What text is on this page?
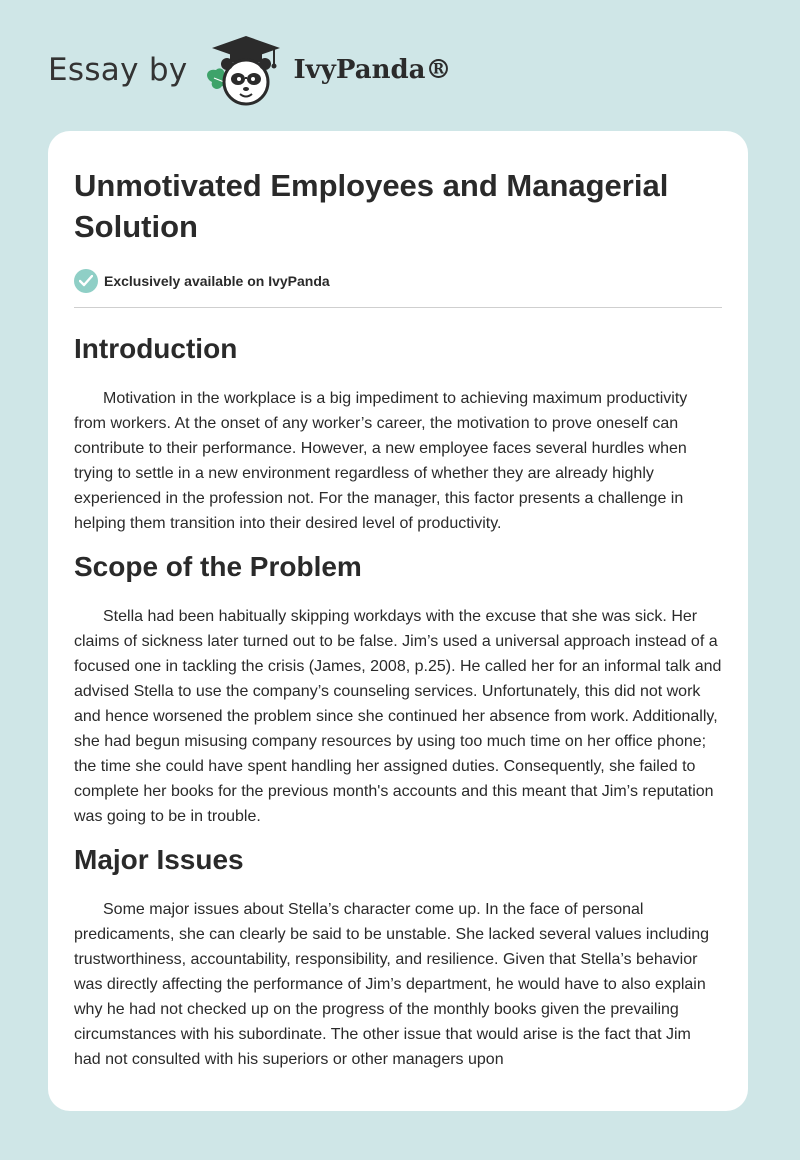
Essay by	IvyPanda®
Unmotivated Employees and Managerial Solution
Exclusively available on IvyPanda
Introduction

Motivation in the workplace is a big impediment to achieving maximum productivity from workers. At the onset of any worker’s career, the motivation to prove oneself can contribute to their performance. However, a new employee faces several hurdles when trying to settle in a new environment regardless of whether they are already highly experienced in the profession not. For the manager, this factor presents a challenge in helping them transition into their desired level of productivity.

Scope of the Problem

Stella had been habitually skipping workdays with the excuse that she was sick. Her claims of sickness later turned out to be false. Jim’s used a universal approach instead of a focused one in tackling the crisis (James, 2008, p.25). He called her for an informal talk and advised Stella to use the company’s counseling services. Unfortunately, this did not work and hence worsened the problem since she continued her absence from work. Additionally, she had begun misusing company resources by using too much time on her office phone; the time she could have spent handling her assigned duties. Consequently, she failed to complete her books for the previous month's accounts and this meant that Jim’s reputation was going to be in trouble.

Major Issues

Some major issues about Stella’s character come up. In the face of personal predicaments, she can clearly be said to be unstable. She lacked several values including trustworthiness, accountability, responsibility, and resilience. Given that Stella’s behavior was directly affecting the performance of Jim’s department, he would have to also explain why he had not checked up on the progress of the monthly books given the prevailing circumstances with his subordinate. The other issue that would arise is the fact that Jim had not consulted with his superiors or other managers upon
